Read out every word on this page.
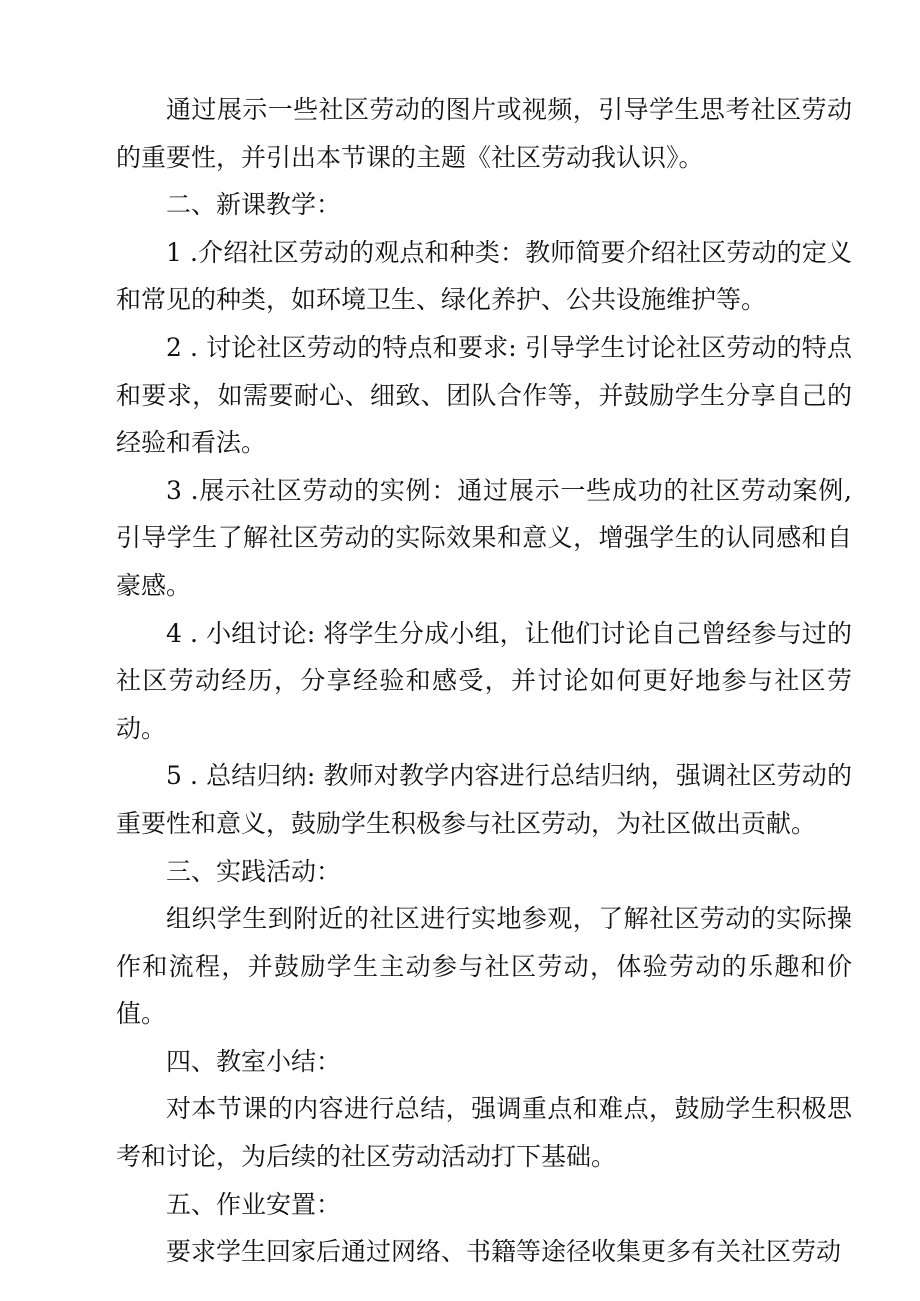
通过展示一些社区劳动的图片或视频，引导学生思考社区劳动的重要性，并引出本节课的主题《社区劳动我认识》。

二、新课教学：

1 .介绍社区劳动的观点和种类：教师简要介绍社区劳动的定义和常见的种类，如环境卫生、绿化养护、公共设施维护等。

2 . 讨论社区劳动的特点和要求: 引导学生讨论社区劳动的特点和要求，如需要耐心、细致、团队合作等，并鼓励学生分享自己的经验和看法。

3 .展示社区劳动的实例：通过展示一些成功的社区劳动案例,引导学生了解社区劳动的实际效果和意义，增强学生的认同感和自豪感。

4 . 小组讨论: 将学生分成小组，让他们讨论自己曾经参与过的社区劳动经历，分享经验和感受，并讨论如何更好地参与社区劳动。

5 . 总结归纳: 教师对教学内容进行总结归纳，强调社区劳动的重要性和意义，鼓励学生积极参与社区劳动，为社区做出贡献。

三、实践活动：

组织学生到附近的社区进行实地参观，了解社区劳动的实际操作和流程，并鼓励学生主动参与社区劳动，体验劳动的乐趣和价值。

四、教室小结：

对本节课的内容进行总结，强调重点和难点，鼓励学生积极思考和讨论，为后续的社区劳动活动打下基础。

五、作业安置：

要求学生回家后通过网络、书籍等途径收集更多有关社区劳动
